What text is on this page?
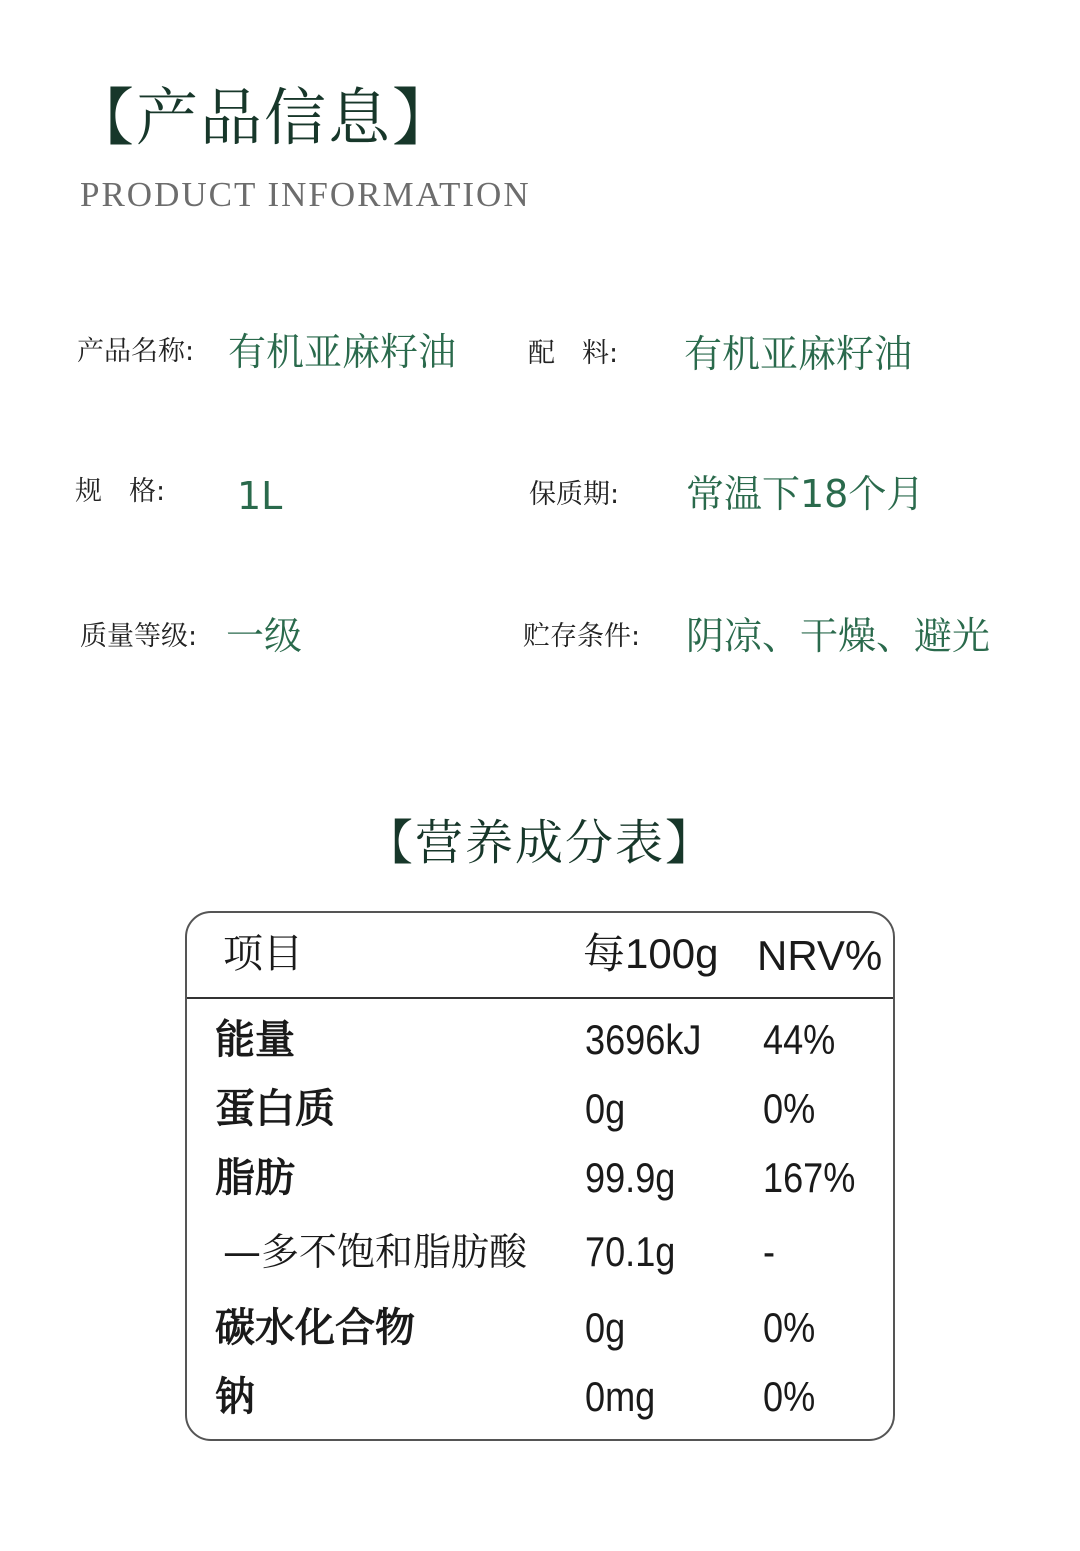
【产品信息】
PRODUCT INFORMATION
产品名称: 有机亚麻籽油	配　料: 有机亚麻籽油
规　格: 1L	保质期: 常温下18个月
质量等级: 一级	贮存条件: 阴凉、干燥、避光
【营养成分表】
项目	每100g NRV%
能量	3696kJ 44%
蛋白质	0g	0%
脂肪	99.9g 167%
—多不饱和脂肪酸 70.1g -
碳水化合物	0g	0%
钠	0mg	0%
